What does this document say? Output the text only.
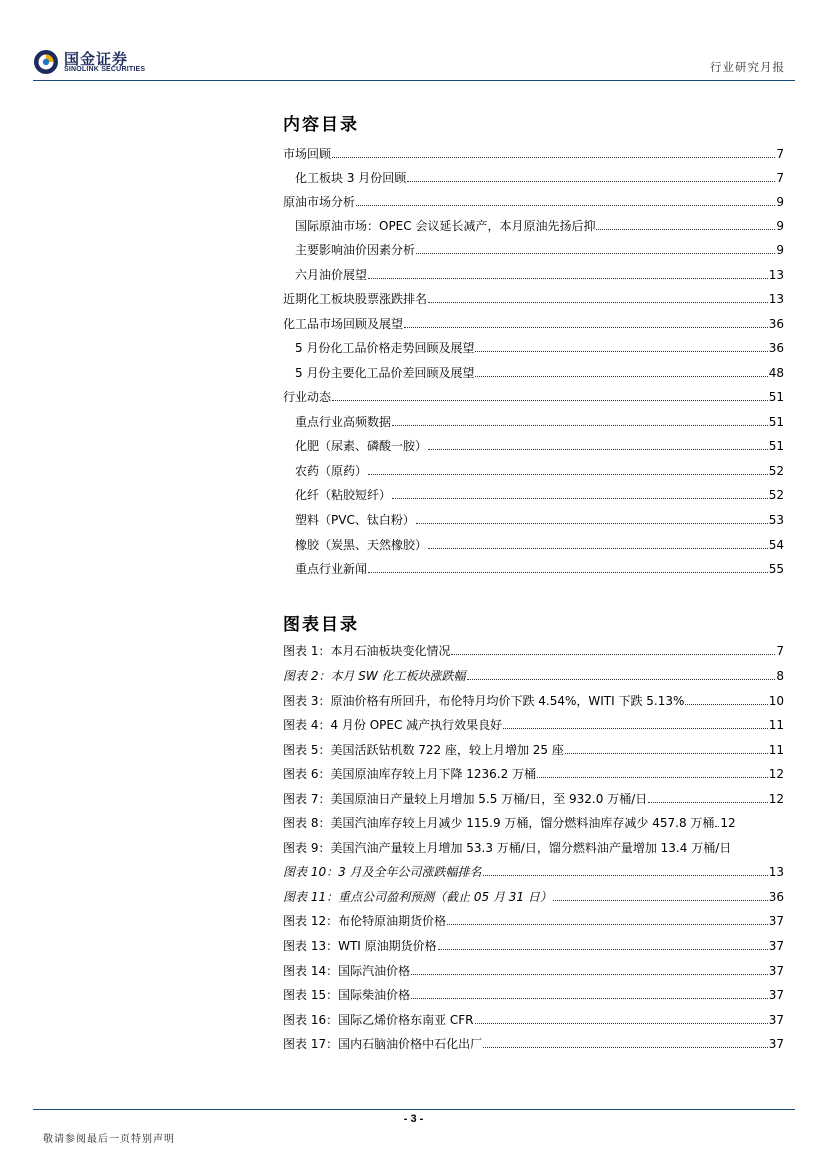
国金证券
SINOLINK SECURITIES	行业研究月报
内容目录
市场回顾	7
化工板块 3 月份回顾	7
原油市场分析	9
国际原油市场：OPEC 会议延长减产，本月原油先扬后抑	9
主要影响油价因素分析	9
六月油价展望	13
近期化工板块股票涨跌排名	13
化工品市场回顾及展望	36
5 月份化工品价格走势回顾及展望	36
5 月份主要化工品价差回顾及展望	48
行业动态	51
重点行业高频数据	51
化肥（尿素、磷酸一胺）	51
农药（原药）	52
化纤（粘胶短纤）	52
塑料（PVC、钛白粉）	53
橡胶（炭黑、天然橡胶）	54
重点行业新闻	55
图表目录
图表 1：本月石油板块变化情况	7
图表 2：本月 SW 化工板块涨跌幅	8
图表 3：原油价格有所回升，布伦特月均价下跌 4.54%，WITI 下跌 5.13%	10
图表 4：4 月份 OPEC 减产执行效果良好	11
图表 5：美国活跃钻机数 722 座，较上月增加 25 座	11
图表 6：美国原油库存较上月下降 1236.2 万桶	12
图表 7：美国原油日产量较上月增加 5.5 万桶/日，至 932.0 万桶/日	12
图表 8：美国汽油库存较上月减少 115.9 万桶，馏分燃料油库存减少 457.8 万桶 12
图表 9：美国汽油产量较上月增加 53.3 万桶/日，馏分燃料油产量增加 13.4 万桶/日
图表 10：3 月及全年公司涨跌幅排名	13
图表 11：重点公司盈利预测（截止 05 月 31 日）	36
图表 12：布伦特原油期货价格	37
图表 13：WTI 原油期货价格	37
图表 14：国际汽油价格	37
图表 15：国际柴油价格	37
图表 16：国际乙烯价格东南亚 CFR	37
图表 17：国内石脑油价格中石化出厂	37
- 3 -
敬请参阅最后一页特别声明
